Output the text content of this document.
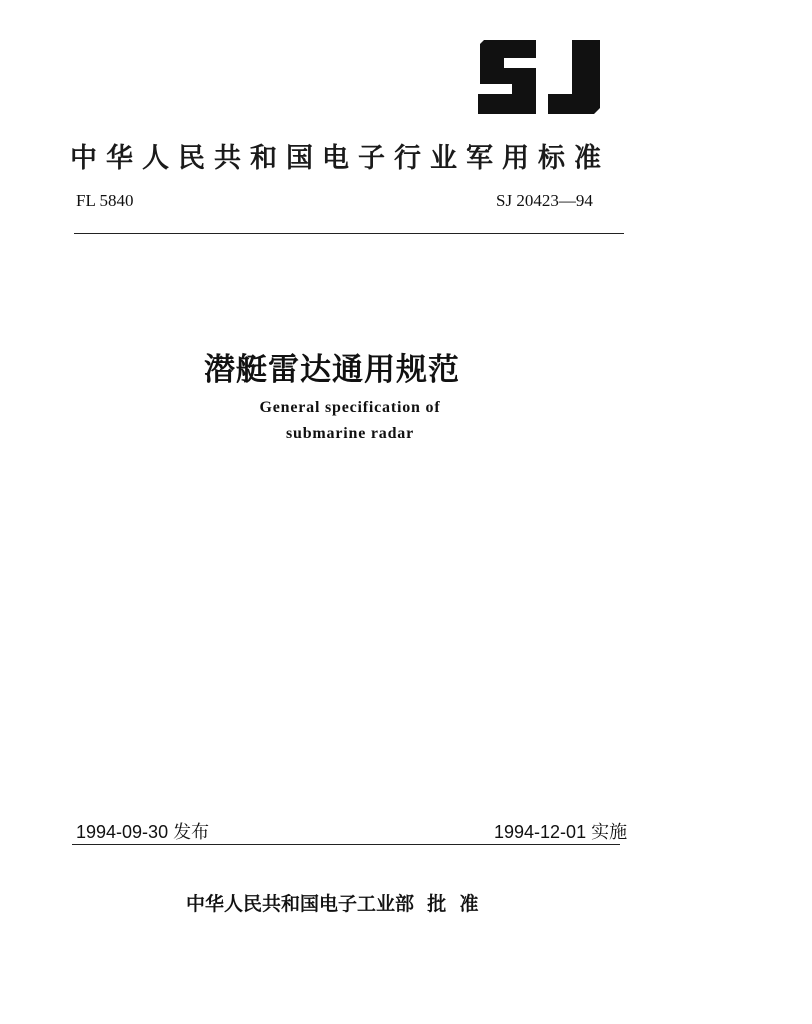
中华人民共和国电子行业军用标准
FL 5840	SJ 20423—94
潜艇雷达通用规范
General specification of
submarine radar
1994-09-30 发布	1994-12-01 实施
中华人民共和国电子工业部  批  准
